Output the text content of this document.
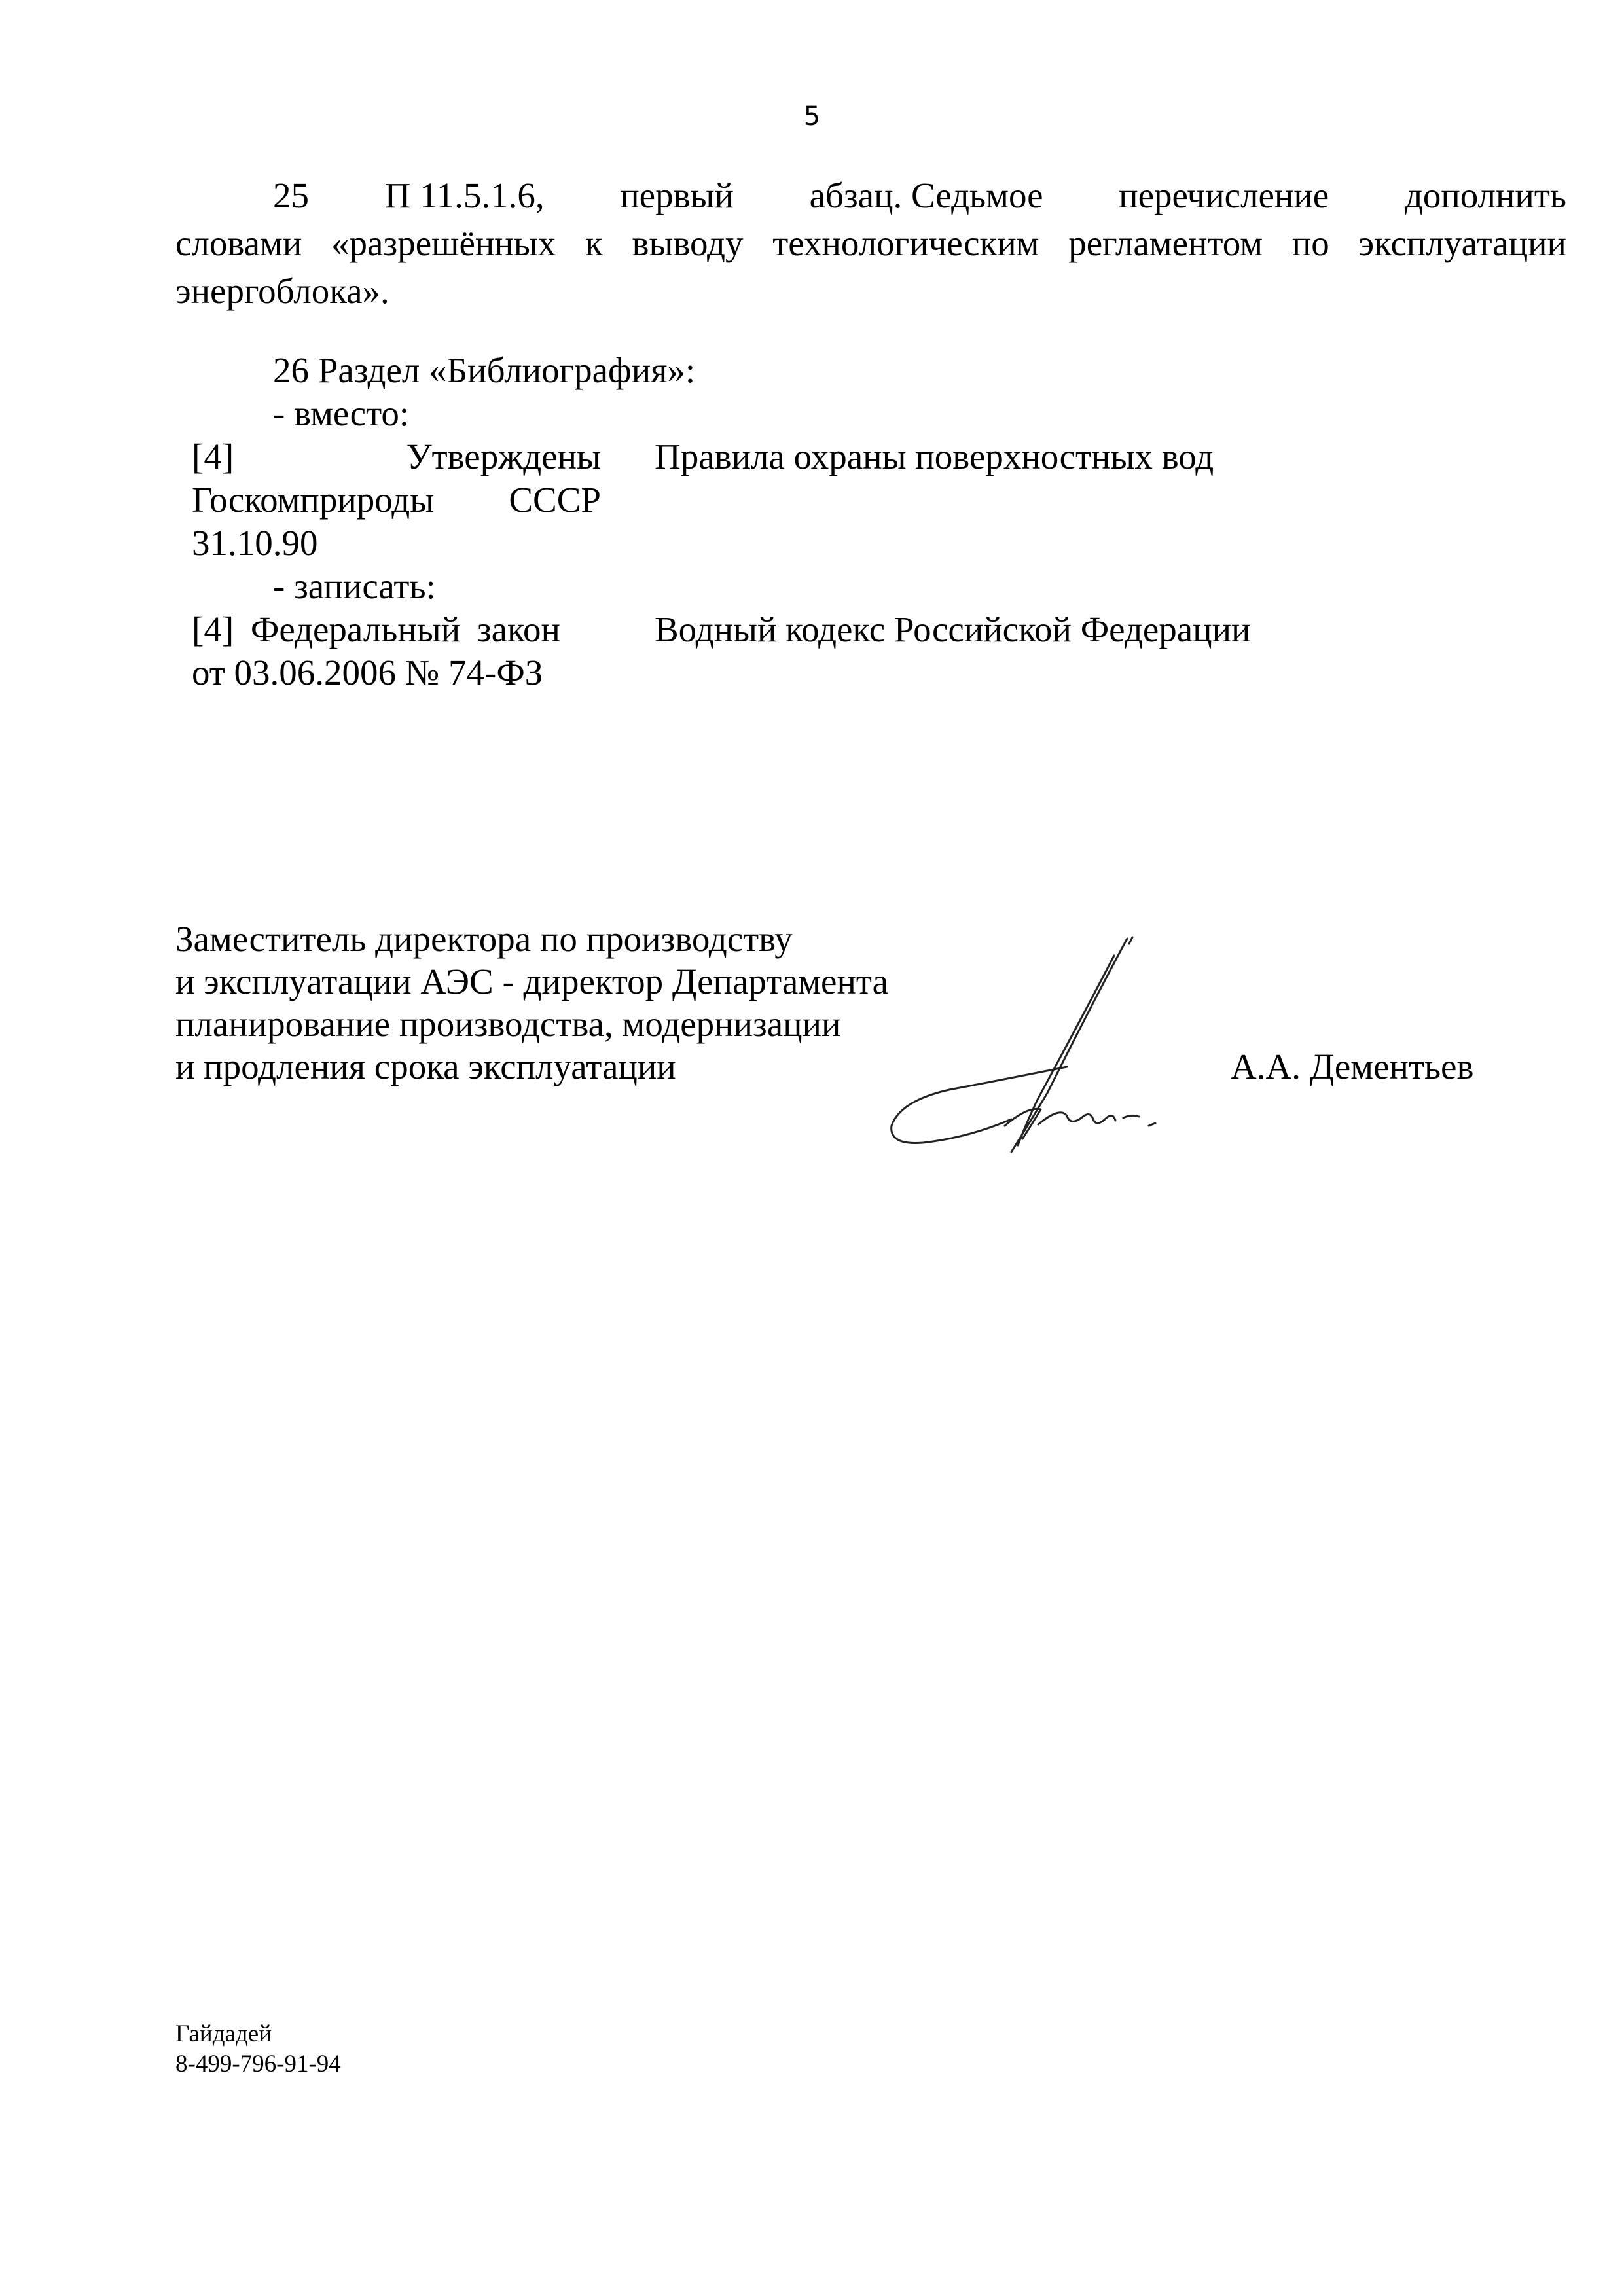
5
25 П 11.5.1.6, первый абзац. Седьмое перечисление дополнить
словами «разрешённых к выводу технологическим регламентом по эксплуатации
энергоблока».
26 Раздел «Библиография»:
- вместо:
[4]	Утверждены
Госкомприроды СССР
31.10.90
Правила охраны поверхностных вод
- записать:
[4] Федеральный закон
от 03.06.2006 № 74-ФЗ
Водный кодекс Российской Федерации
Заместитель директора по производству
и эксплуатации АЭС - директор Департамента
планирование производства, модернизации
и продления срока эксплуатации	А.А. Дементьев
Гайдадей
8-499-796-91-94
